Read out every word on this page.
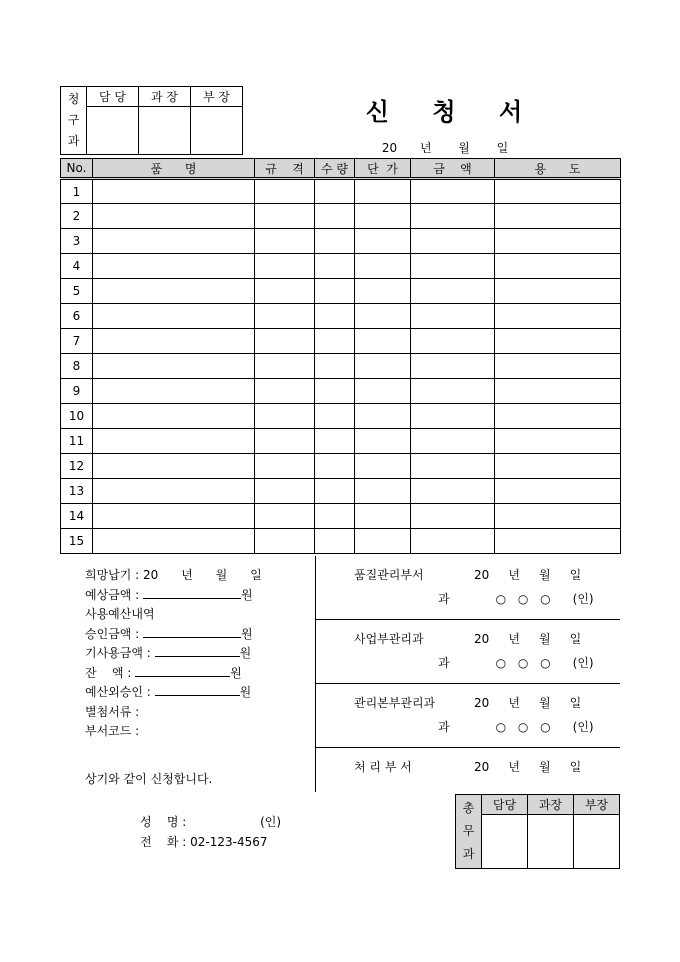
청구과	담 당	과 장	부 장

신    청    서
20      년       월       일
No.	품      명	규    격	수 량	단  가	금    액	용      도
1						
2						
3						
4						
5						
6						
7						
8						
9						
10						
11						
12						
13						
14						
15						
희망납기 : 20      년      월      일
예상금액 :	원
사용예산내역
승인금액 :	원
기사용금액 :	원
잔    액 :	원
예산외승인 :	원
별첨서류 :
부서코드 :
상기와 같이 신청합니다.
성    명 :	(인)
전    화 : 02-123-4567
품질관리부서	20     년     월     일
과	○ ○ ○ (인)
사업부관리과	20     년     월     일
과	○ ○ ○ (인)
관리본부관리과	20     년     월     일
과	○ ○ ○ (인)
처 리 부 서	20     년     월     일
총무과	담당	과장	부장
